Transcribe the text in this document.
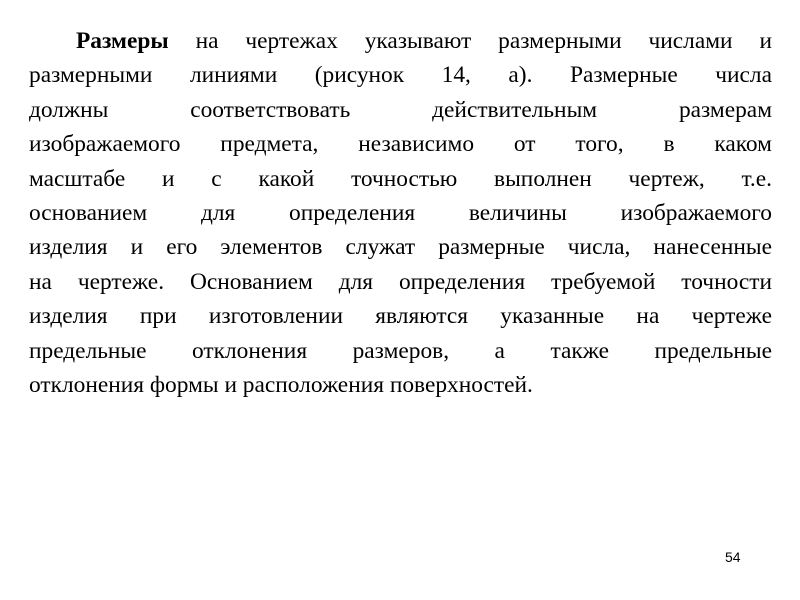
Размеры на чертежах указывают размерными числами и
размерными линиями (рисунок 14, а). Размерные числа
должны соответствовать действительным размерам
изображаемого предмета, независимо от того, в каком
масштабе и с какой точностью выполнен чертеж, т.е.
основанием для определения величины изображаемого
изделия и его элементов служат размерные числа, нанесенные
на чертеже. Основанием для определения требуемой точности
изделия при изготовлении являются указанные на чертеже
предельные отклонения размеров, а также предельные
отклонения формы и расположения поверхностей.
54
